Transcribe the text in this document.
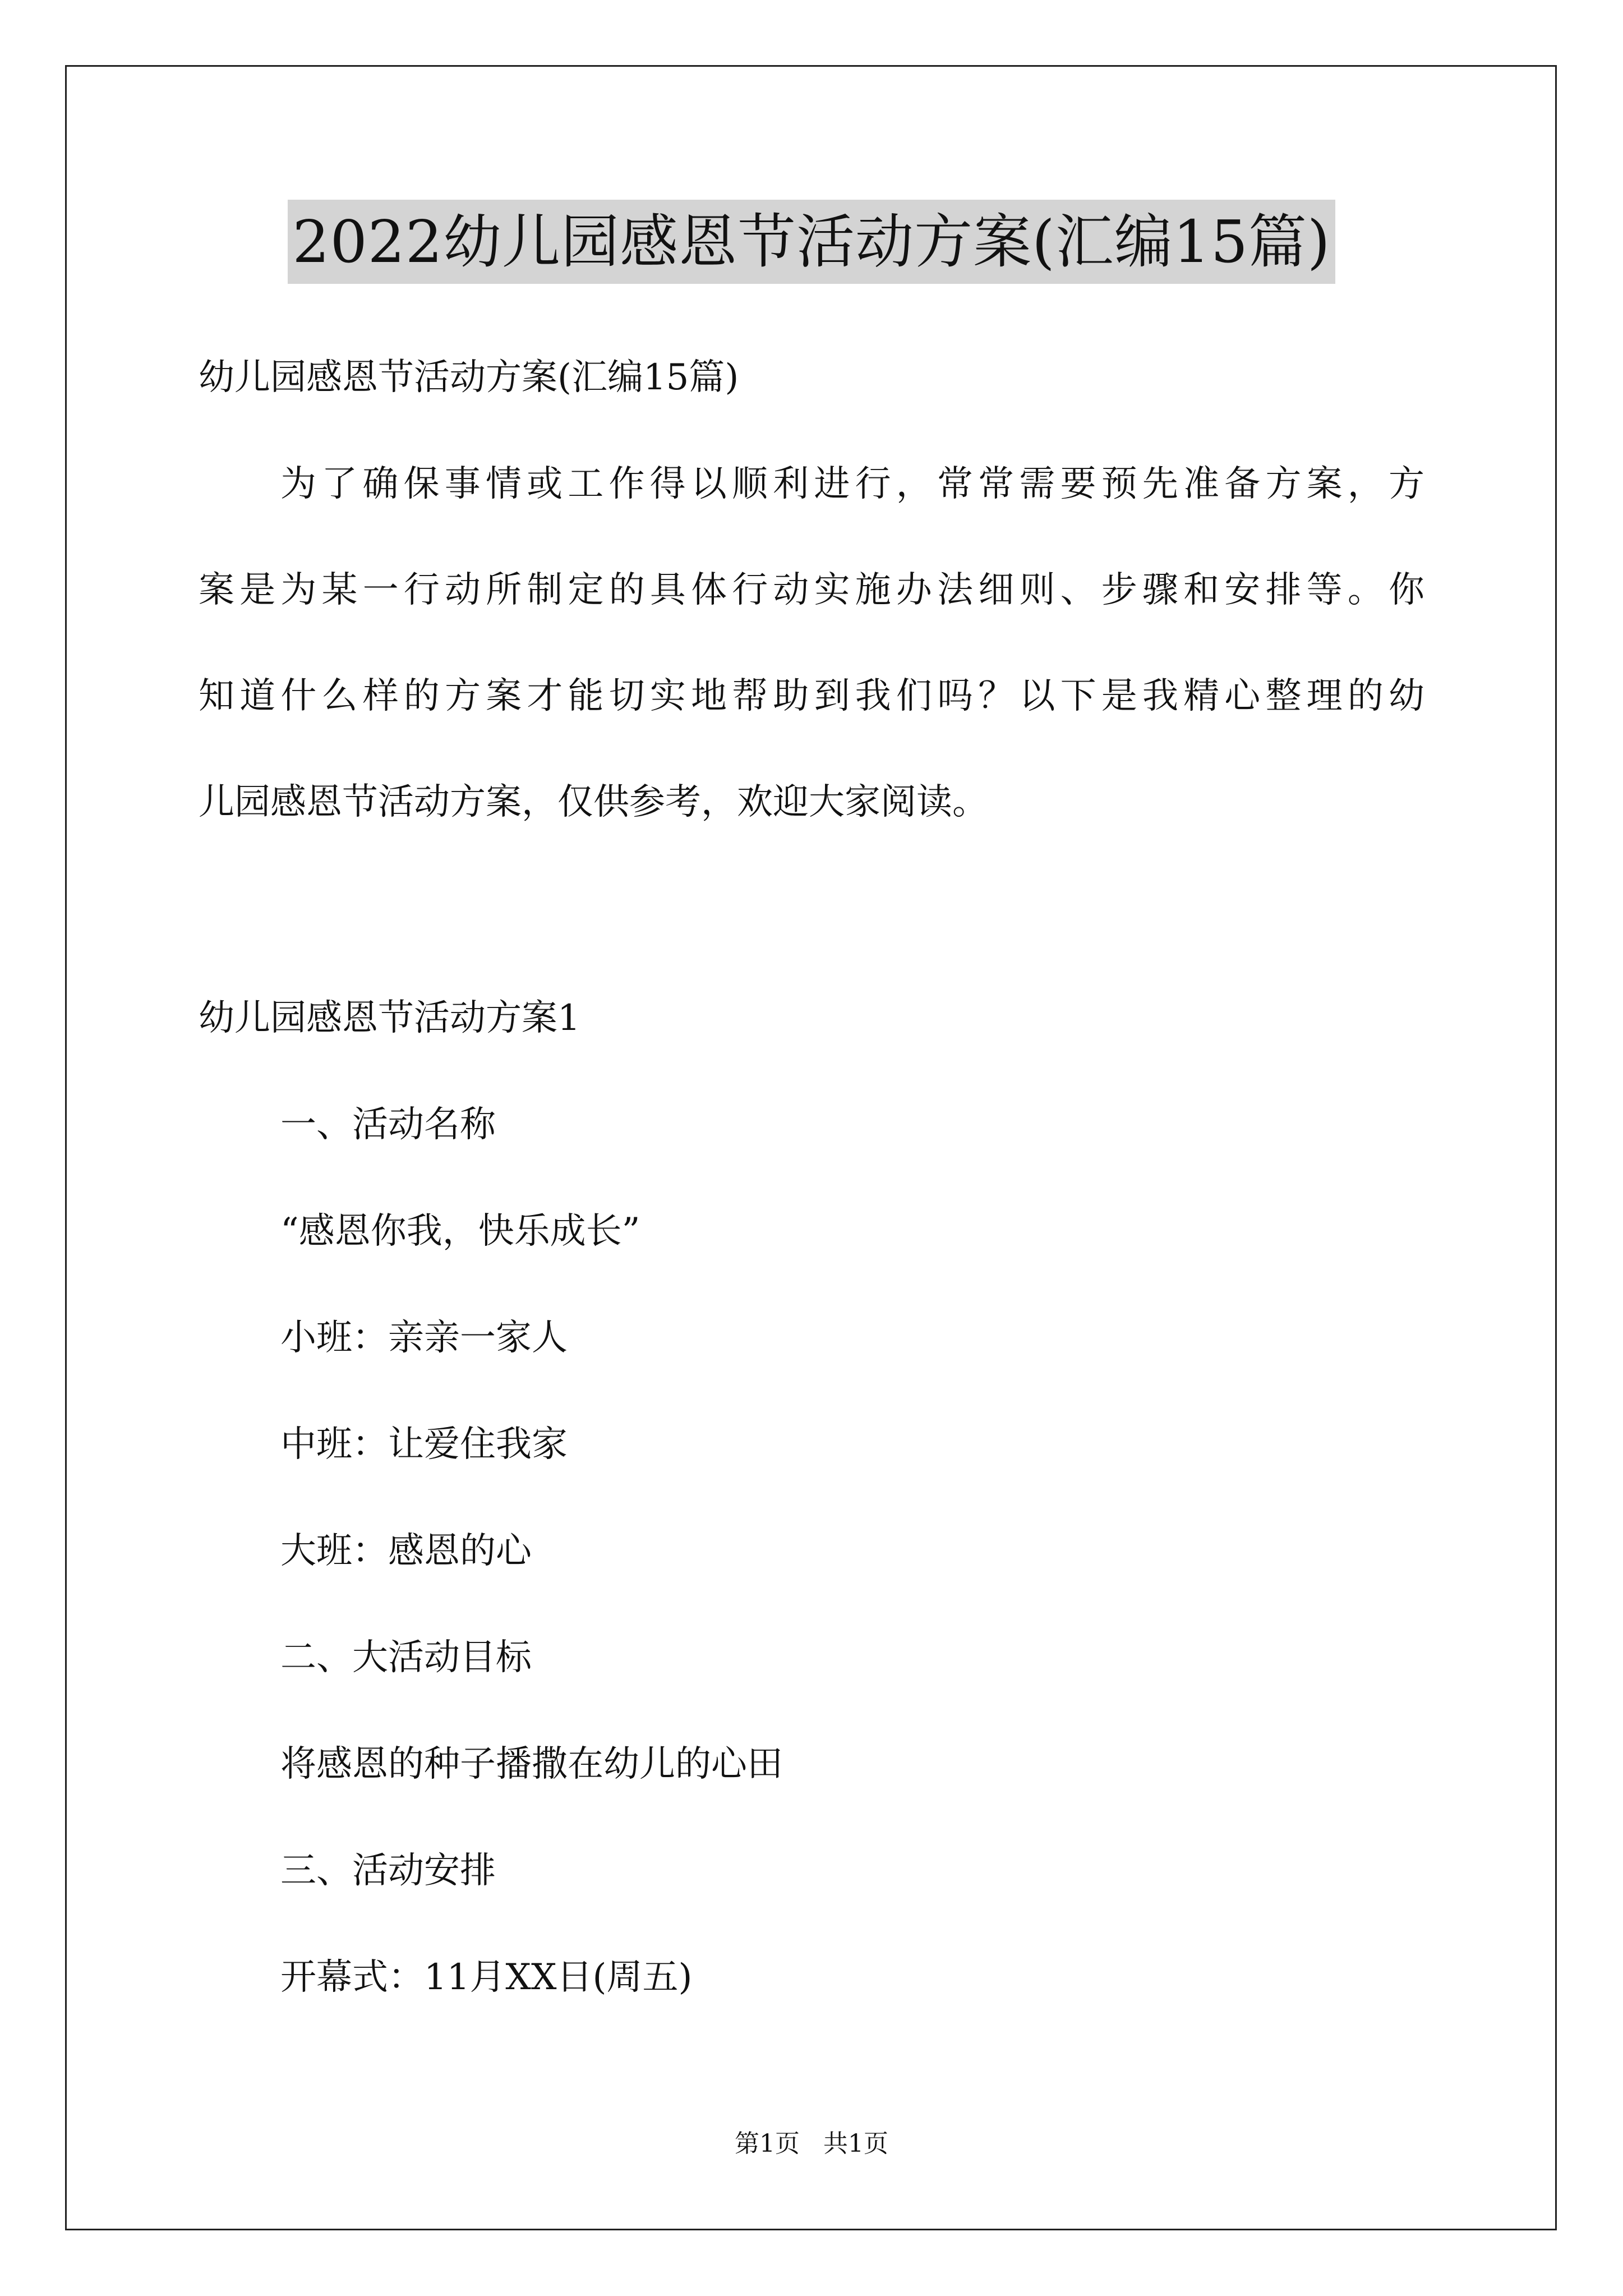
2022幼儿园感恩节活动方案(汇编15篇)
幼儿园感恩节活动方案(汇编15篇)
为了确保事情或工作得以顺利进行，常常需要预先准备方案，方
案是为某一行动所制定的具体行动实施办法细则、步骤和安排等。你
知道什么样的方案才能切实地帮助到我们吗？以下是我精心整理的幼
儿园感恩节活动方案，仅供参考，欢迎大家阅读。
幼儿园感恩节活动方案1
一、活动名称
“感恩你我，快乐成长”
小班：亲亲一家人
中班：让爱住我家
大班：感恩的心
二、大活动目标
将感恩的种子播撒在幼儿的心田
三、活动安排
开幕式：11月XX日(周五)
第1页   共1页
